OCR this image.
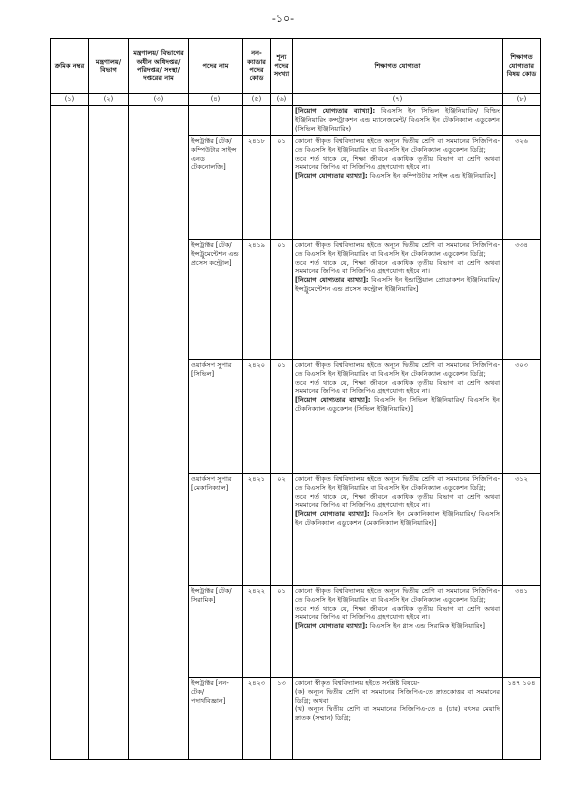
-১০-
ক্রমিক নম্বর	মন্ত্রণালয়/ বিভাগ	মন্ত্রণালয়/ বিভাগের অধীন অধিদপ্তর/ পরিদপ্তর/ সংস্থা/ দপ্তরের নাম	পদের নাম	নন- ক্যাডার পদের কোড	শূন্য পদের সংখ্যা	শিক্ষাগত যোগ্যতা	শিক্ষাগত যোগ্যতার বিষয় কোড
(১)	(২)	(৩)	(৪)	(৫)	(৬)	(৭)	(৮)

						[নিয়োগ যোগ্যতার ব্যাখ্যা]: বিএসসি ইন সিভিল ইঞ্জিনিয়ারিং/ বিল্ডিং ইঞ্জিনিয়ারিং কন্সট্রাকশন এন্ড ম্যানেজমেন্ট/ বিএসসি ইন টেকনিক্যাল এডুকেশন (সিভিল ইঞ্জিনিয়ারিং)	

			ইন্সট্রাক্টর [টেক/ কম্পিউটার সাইন্স এনড টেকনোলজি]	২৪১৮	০১	কোনো স্বীকৃত বিশ্ববিদ্যালয় হইতে অন্যূন দ্বিতীয় শ্রেণি বা সমমানের সিজিপিএ-তে বিএসসি ইন ইঞ্জিনিয়ারিং বা বিএসসি ইন টেকনিক্যাল এডুকেশন ডিগ্রি;
তবে শর্ত থাকে যে, শিক্ষা জীবনে একাধিক তৃতীয় বিভাগ বা শ্রেণি অথবা সমমানের জিপিএ বা সিজিপিএ গ্রহণযোগ্য হইবে না।
[নিয়োগ যোগ্যতার ব্যাখ্যা]: বিএসসি ইন কম্পিউটার সাইন্স এন্ড ইঞ্জিনিয়ারিং]	৩২৬
			ইন্সট্রাক্টর [টেক/ ইন্সট্রুমেন্টেশন এন্ড প্রসেস কন্ট্রোল]	২৪১৯	০১	কোনো স্বীকৃত বিশ্ববিদ্যালয় হইতে অন্যূন দ্বিতীয় শ্রেণি বা সমমানের সিজিপিএ-তে বিএসসি ইন ইঞ্জিনিয়ারিং বা বিএসসি ইন টেকনিক্যাল এডুকেশন ডিগ্রি;
তবে শর্ত থাকে যে, শিক্ষা জীবনে একাধিক তৃতীয় বিভাগ বা শ্রেণি অথবা সমমানের জিপিএ বা সিজিপিএ গ্রহণযোগ্য হইবে না।
[নিয়োগ যোগ্যতার ব্যাখ্যা]: বিএসসি ইন ইন্ডাস্ট্রিয়াল প্রোডাকশন ইঞ্জিনিয়ারিং/ ইন্সট্রুমেন্টেশন এন্ড প্রসেস কন্ট্রোল ইঞ্জিনিয়ারিং]	৩৩৪
			ওয়ার্কসপ সুপার [সিভিল]	২৪২০	০১	কোনো স্বীকৃত বিশ্ববিদ্যালয় হইতে অন্যূন দ্বিতীয় শ্রেণি বা সমমানের সিজিপিএ-তে বিএসসি ইন ইঞ্জিনিয়ারিং বা বিএসসি ইন টেকনিক্যাল এডুকেশন ডিগ্রি;
তবে শর্ত থাকে যে, শিক্ষা জীবনে একাধিক তৃতীয় বিভাগ বা শ্রেণি অথবা সমমানের জিপিএ বা সিজিপিএ গ্রহণযোগ্য হইবে না।
[নিয়োগ যোগ্যতার ব্যাখ্যা]: বিএসসি ইন সিভিল ইঞ্জিনিয়ারিং/ বিএসসি ইন টেকনিক্যাল এডুকেশন (সিভিল ইঞ্জিনিয়ারিং)]	৩০৩
			ওয়ার্কসপ সুপার [মেকানিক্যাল]	২৪২১	০২	কোনো স্বীকৃত বিশ্ববিদ্যালয় হইতে অন্যূন দ্বিতীয় শ্রেণি বা সমমানের সিজিপিএ-তে বিএসসি ইন ইঞ্জিনিয়ারিং বা বিএসসি ইন টেকনিক্যাল এডুকেশন ডিগ্রি;
তবে শর্ত থাকে যে, শিক্ষা জীবনে একাধিক তৃতীয় বিভাগ বা শ্রেণি অথবা সমমানের জিপিএ বা সিজিপিএ গ্রহণযোগ্য হইবে না।
[নিয়োগ যোগ্যতার ব্যাখ্যা]: বিএসসি ইন মেকানিক্যাল ইঞ্জিনিয়ারিং/ বিএসসি ইন টেকনিক্যাল এডুকেশন (মেকানিক্যাল ইঞ্জিনিয়ারিং)]	৩১২
			ইন্সট্রাক্টর [টেক/ সিরামিক]	২৪২২	০১	কোনো স্বীকৃত বিশ্ববিদ্যালয় হইতে অন্যূন দ্বিতীয় শ্রেণি বা সমমানের সিজিপিএ-তে বিএসসি ইন ইঞ্জিনিয়ারিং বা বিএসসি ইন টেকনিক্যাল এডুকেশন ডিগ্রি;
তবে শর্ত থাকে যে, শিক্ষা জীবনে একাধিক তৃতীয় বিভাগ বা শ্রেণি অথবা সমমানের জিপিএ বা সিজিপিএ গ্রহণযোগ্য হইবে না।
[নিয়োগ যোগ্যতার ব্যাখ্যা]: বিএসসি ইন গ্লাস এন্ড সিরামিক ইঞ্জিনিয়ারিং]	৩৪১
			ইন্সট্রাক্টর [নন-টেক/ পদার্থবিজ্ঞান]	২৪২৩	১৩	কোনো স্বীকৃত বিশ্ববিদ্যালয় হইতে সংশ্লিষ্ট বিষয়ে-
(ক) অন্যূন দ্বিতীয় শ্রেণি বা সমমানের সিজিপিএ-তে স্নাতকোত্তর বা সমমানের ডিগ্রি; অথবা
(খ) অন্যূন দ্বিতীয় শ্রেণি বা সমমানের সিজিপিএ-তে ৪ (চার) বৎসর মেয়াদি স্নাতক (সম্মান) ডিগ্রি;	১৪৭ ১০৪
